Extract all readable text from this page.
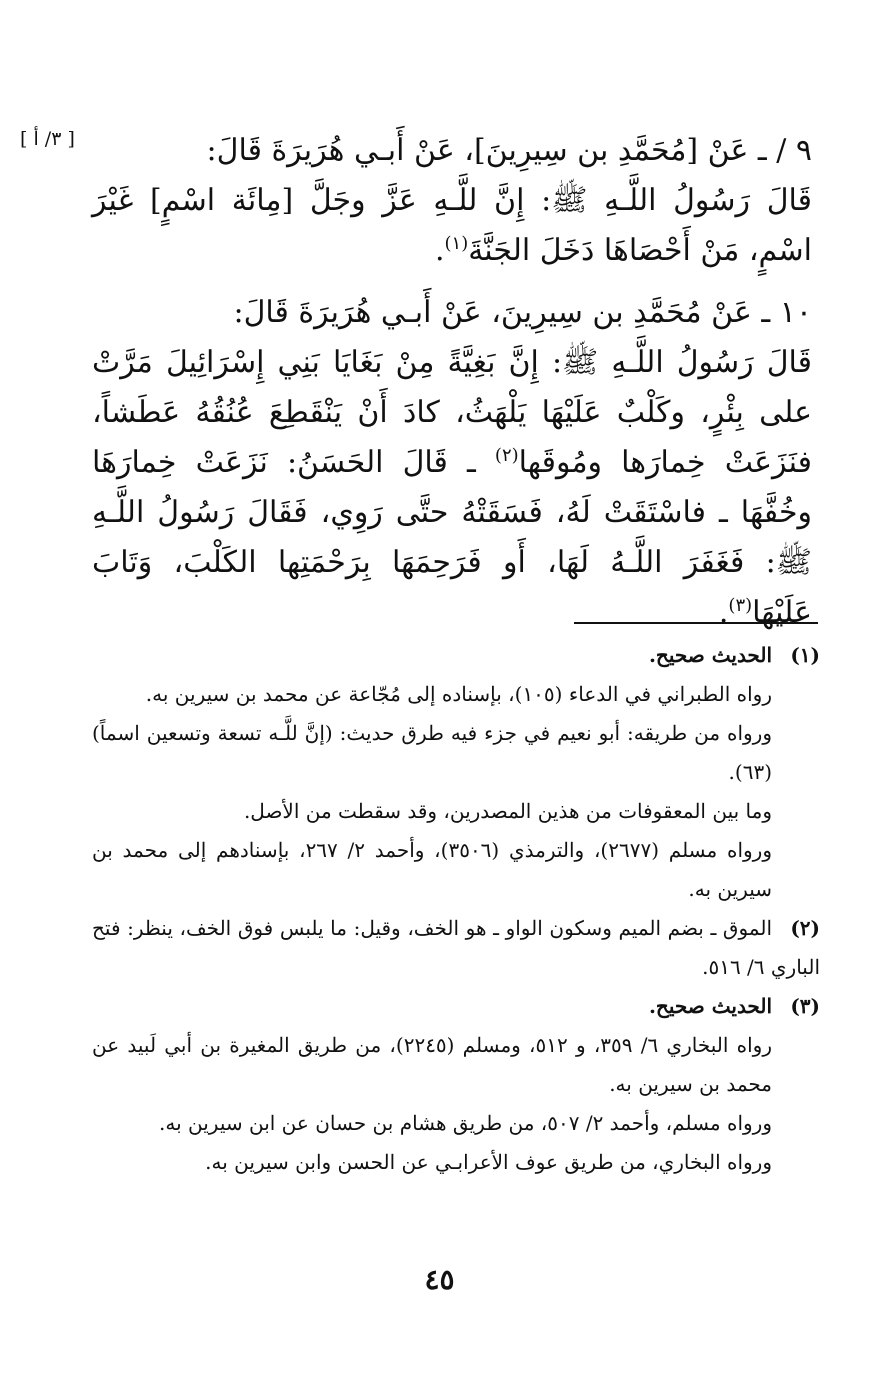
[ ٣/ أ ]	٩ / ـ عَنْ [مُحَمَّدِ بن سِيرِينَ]، عَنْ أَبـي هُرَيرَةَ قَالَ:

قَالَ رَسُولُ اللَّـهِ ﷺ: إِنَّ للَّـهِ عَزَّ وجَلَّ [مِائَة اسْمٍ] غَيْرَ اسْمٍ، مَنْ أَحْصَاهَا دَخَلَ الجَنَّةَ$^{(١)}$.

١٠ ـ عَنْ مُحَمَّدِ بن سِيرِينَ، عَنْ أَبـي هُرَيرَةَ قَالَ:

قَالَ رَسُولُ اللَّـهِ ﷺ: إِنَّ بَغِيَّةً مِنْ بَغَايَا بَنِي إِسْرَائِيلَ مَرَّتْ على بِئْرٍ، وكَلْبٌ عَلَيْهَا يَلْهَثُ، كادَ أَنْ يَنْقَطِعَ عُنُقُهُ عَطَشاً، فنَزَعَتْ خِمارَها ومُوقَها$^{(٢)}$ ـ قَالَ الحَسَنُ: نَزَعَتْ خِمارَهَا وخُفَّهَا ـ فاسْتَقَتْ لَهُ، فَسَقَتْهُ حتَّى رَوِي، فَقَالَ رَسُولُ اللَّـهِ ﷺ: فَغَفَرَ اللَّـهُ لَهَا، أَو فَرَحِمَهَا بِرَحْمَتِها الكَلْبَ، وَتَابَ عَلَيْهَا$^{(٣)}$.

(١)الحديث صحيح.

رواه الطبراني في الدعاء (١٠٥)، بإسناده إلى مُجّاعة عن محمد بن سيرين به.

ورواه من طريقه: أبو نعيم في جزء فيه طرق حديث: (إنَّ للَّـه تسعة وتسعين اسماً) (٦٣).

وما بين المعقوفات من هذين المصدرين، وقد سقطت من الأصل.

ورواه مسلم (٢٦٧٧)، والترمذي (٣٥٠٦)، وأحمد ٢/ ٢٦٧، بإسنادهم إلى محمد بن سيرين به.

(٢)الموق ـ بضم الميم وسكون الواو ـ هو الخف، وقيل: ما يلبس فوق الخف، ينظر: فتح الباري ٦/ ٥١٦.

(٣)الحديث صحيح.

رواه البخاري ٦/ ٣٥٩، و ٥١٢، ومسلم (٢٢٤٥)، من طريق المغيرة بن أبي لَبيد عن محمد بن سيرين به.

ورواه مسلم، وأحمد ٢/ ٥٠٧، من طريق هشام بن حسان عن ابن سيرين به.

ورواه البخاري، من طريق عوف الأعرابـي عن الحسن وابن سيرين به.

٤٥
